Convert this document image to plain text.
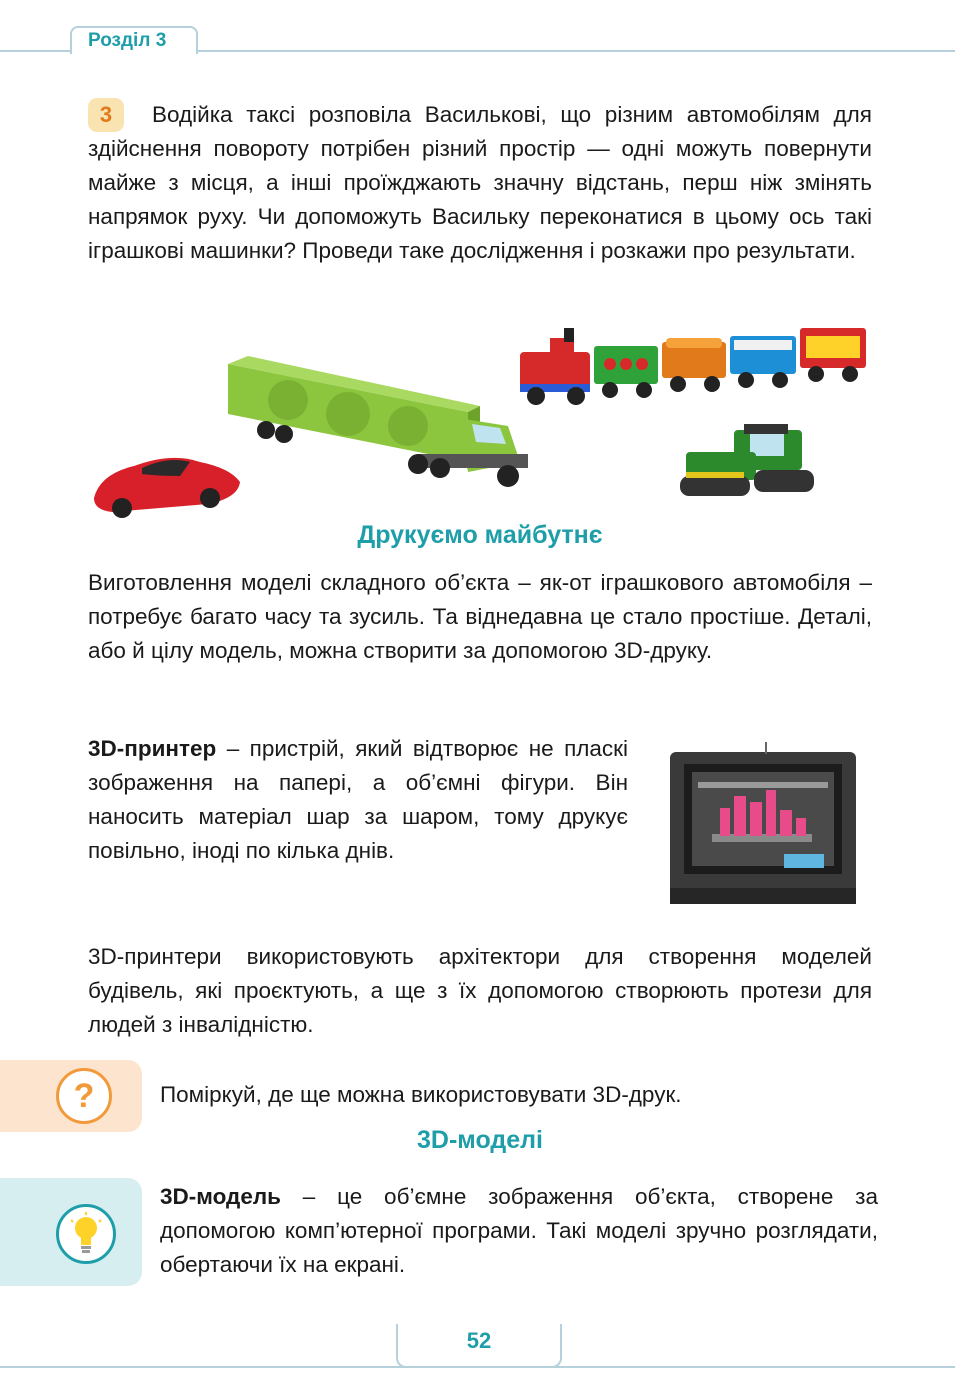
Розділ 3

Водійка таксі розповіла Василькові, що різним автомобілям для здійснення повороту потрібен різний простір — одні можуть повернути майже з місця, а інші проїжджають значну відстань, перш ніж змінять напрямок руху. Чи допоможуть Васильку переконатися в цьому ось такі іграшкові машинки? Проведи таке дослідження і розкажи про результати.

3
Друкуємо майбутнє

Виготовлення моделі складного об’єкта – як-от іграшкового автомобіля – потребує багато часу та зусиль. Та віднедавна це стало простіше. Деталі, або й цілу модель, можна створити за допомогою 3D-друку.

3D-принтер – пристрій, який відтворює не пласкі зображення на папері, а об’ємні фігури. Він наносить матеріал шар за шаром, тому друкує повільно, іноді по кілька днів.

3D-принтери використовують архітектори для створення моделей будівель, які проєктують, а ще з їх допомогою створюють протези для людей з інвалідністю.

?	Поміркуй, де ще можна використовувати 3D-друк.
3D-моделі

3D-модель – це об’ємне зображення об’єкта, створене за допомогою комп’ютерної програми. Такі моделі зручно розглядати, обертаючи їх на екрані.

52
